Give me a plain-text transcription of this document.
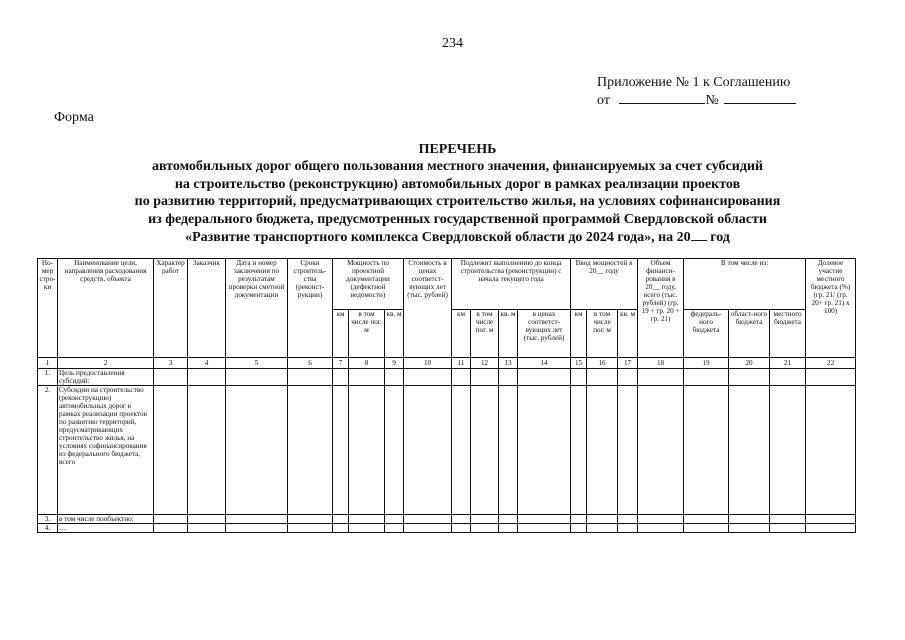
234
Приложение № 1 к Соглашению
от	№
Форма
ПЕРЕЧЕНЬ
автомобильных дорог общего пользования местного значения, финансируемых за счет субсидий
на строительство (реконструкцию) автомобильных дорог в рамках реализации проектов
по развитию территорий, предусматривающих строительство жилья, на условиях софинансирования
из федерального бюджета, предусмотренных государственной программой Свердловской области
«Развитие транспортного комплекса Свердловской области до 2024 года», на 20 год
Но-мер стро-ки	Наименование цели, направления расходования средств, объекта	Характер работ	Заказчик	Дата и номер заключения по результатам проверки сметной документации	Сроки строитель-ства (реконст-рукции)	Мощность по проектной документации (дефектной ведомости)			Стоимость в ценах соответст-вующих лет (тыс. рублей)	Подлежит выполнению до конца строительства (реконструкции) с начала текущего года				Ввод мощностей в 20__ году			Объем финанси-рования в 20__ году, всего (тыс. рублей) (гр. 19 + гр. 20 + гр. 21)	В том числе из:			Долевое участие местного бюджета (%) (гр. 21/ (гр. 20+ гр. 21) x 100)
						км	в том числе пог. м	кв. м		км	в том числе пог. м	кв. м	в ценах соответст-вующих лет (тыс. рублей)	км	в том числе пог. м	кв. м		федераль-ного бюджета	област-ного бюджета	местного бюджета	
1	2	3	4	5	6	7	8	9	10	11	12	13	14	15	16	17	18	19	20	21	22
1.	Цель предоставления субсидий:																				
2.	Субсидии на строительство (реконструкцию) автомобильных дорог в рамках реализации проектов по развитию территорий, предусматривающих строительство жилья, на условиях софинансирования из федерального бюджета, всего																				
3.	в том числе пообъектно:																				
4.	…																				
